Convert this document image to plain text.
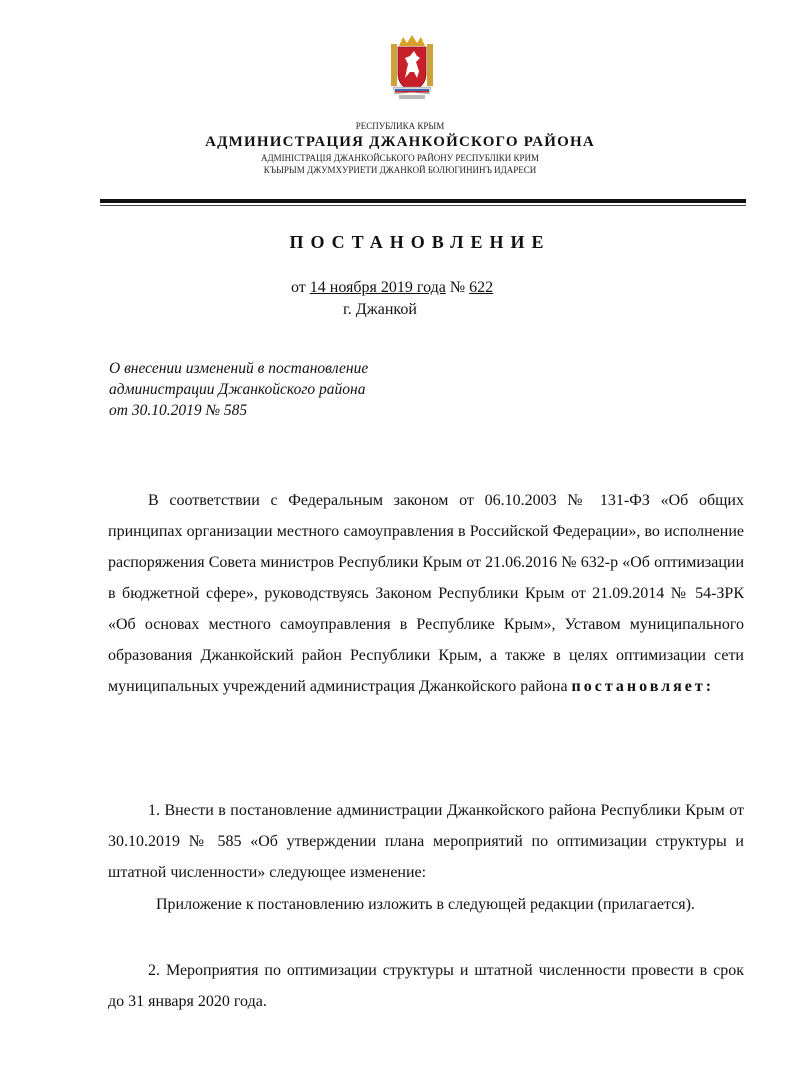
РЕСПУБЛИКА КРЫМ
АДМИНИСТРАЦИЯ ДЖАНКОЙСКОГО РАЙОНА
АДМІНІСТРАЦІЯ ДЖАНКОЙСЬКОГО РАЙОНУ РЕСПУБЛІКИ КРИМ
КЪЫРЫМ ДЖУМХУРИЕТИ ДЖАНКОЙ БОЛЮГИНИНЪ ИДАРЕСИ
ПОСТАНОВЛЕНИЕ
от 14 ноября 2019 года № 622
г. Джанкой
О внесении изменений в постановление
администрации Джанкойского района
от 30.10.2019 № 585
В соответствии с Федеральным законом от 06.10.2003 № 131-ФЗ «Об общих принципах организации местного самоуправления в Российской Федерации», во исполнение распоряжения Совета министров Республики Крым от 21.06.2016 № 632-р «Об оптимизации в бюджетной сфере», руководствуясь Законом Республики Крым от 21.09.2014 № 54-ЗРК «Об основах местного самоуправления в Республике Крым», Уставом муниципального образования Джанкойский район Республики Крым, а также в целях оптимизации сети муниципальных учреждений администрация Джанкойского района постановляет:
1. Внести в постановление администрации Джанкойского района Республики Крым от 30.10.2019 № 585 «Об утверждении плана мероприятий по оптимизации структуры и штатной численности» следующее изменение:
Приложение к постановлению изложить в следующей редакции (прилагается).
2. Мероприятия по оптимизации структуры и штатной численности провести в срок до 31 января 2020 года.
